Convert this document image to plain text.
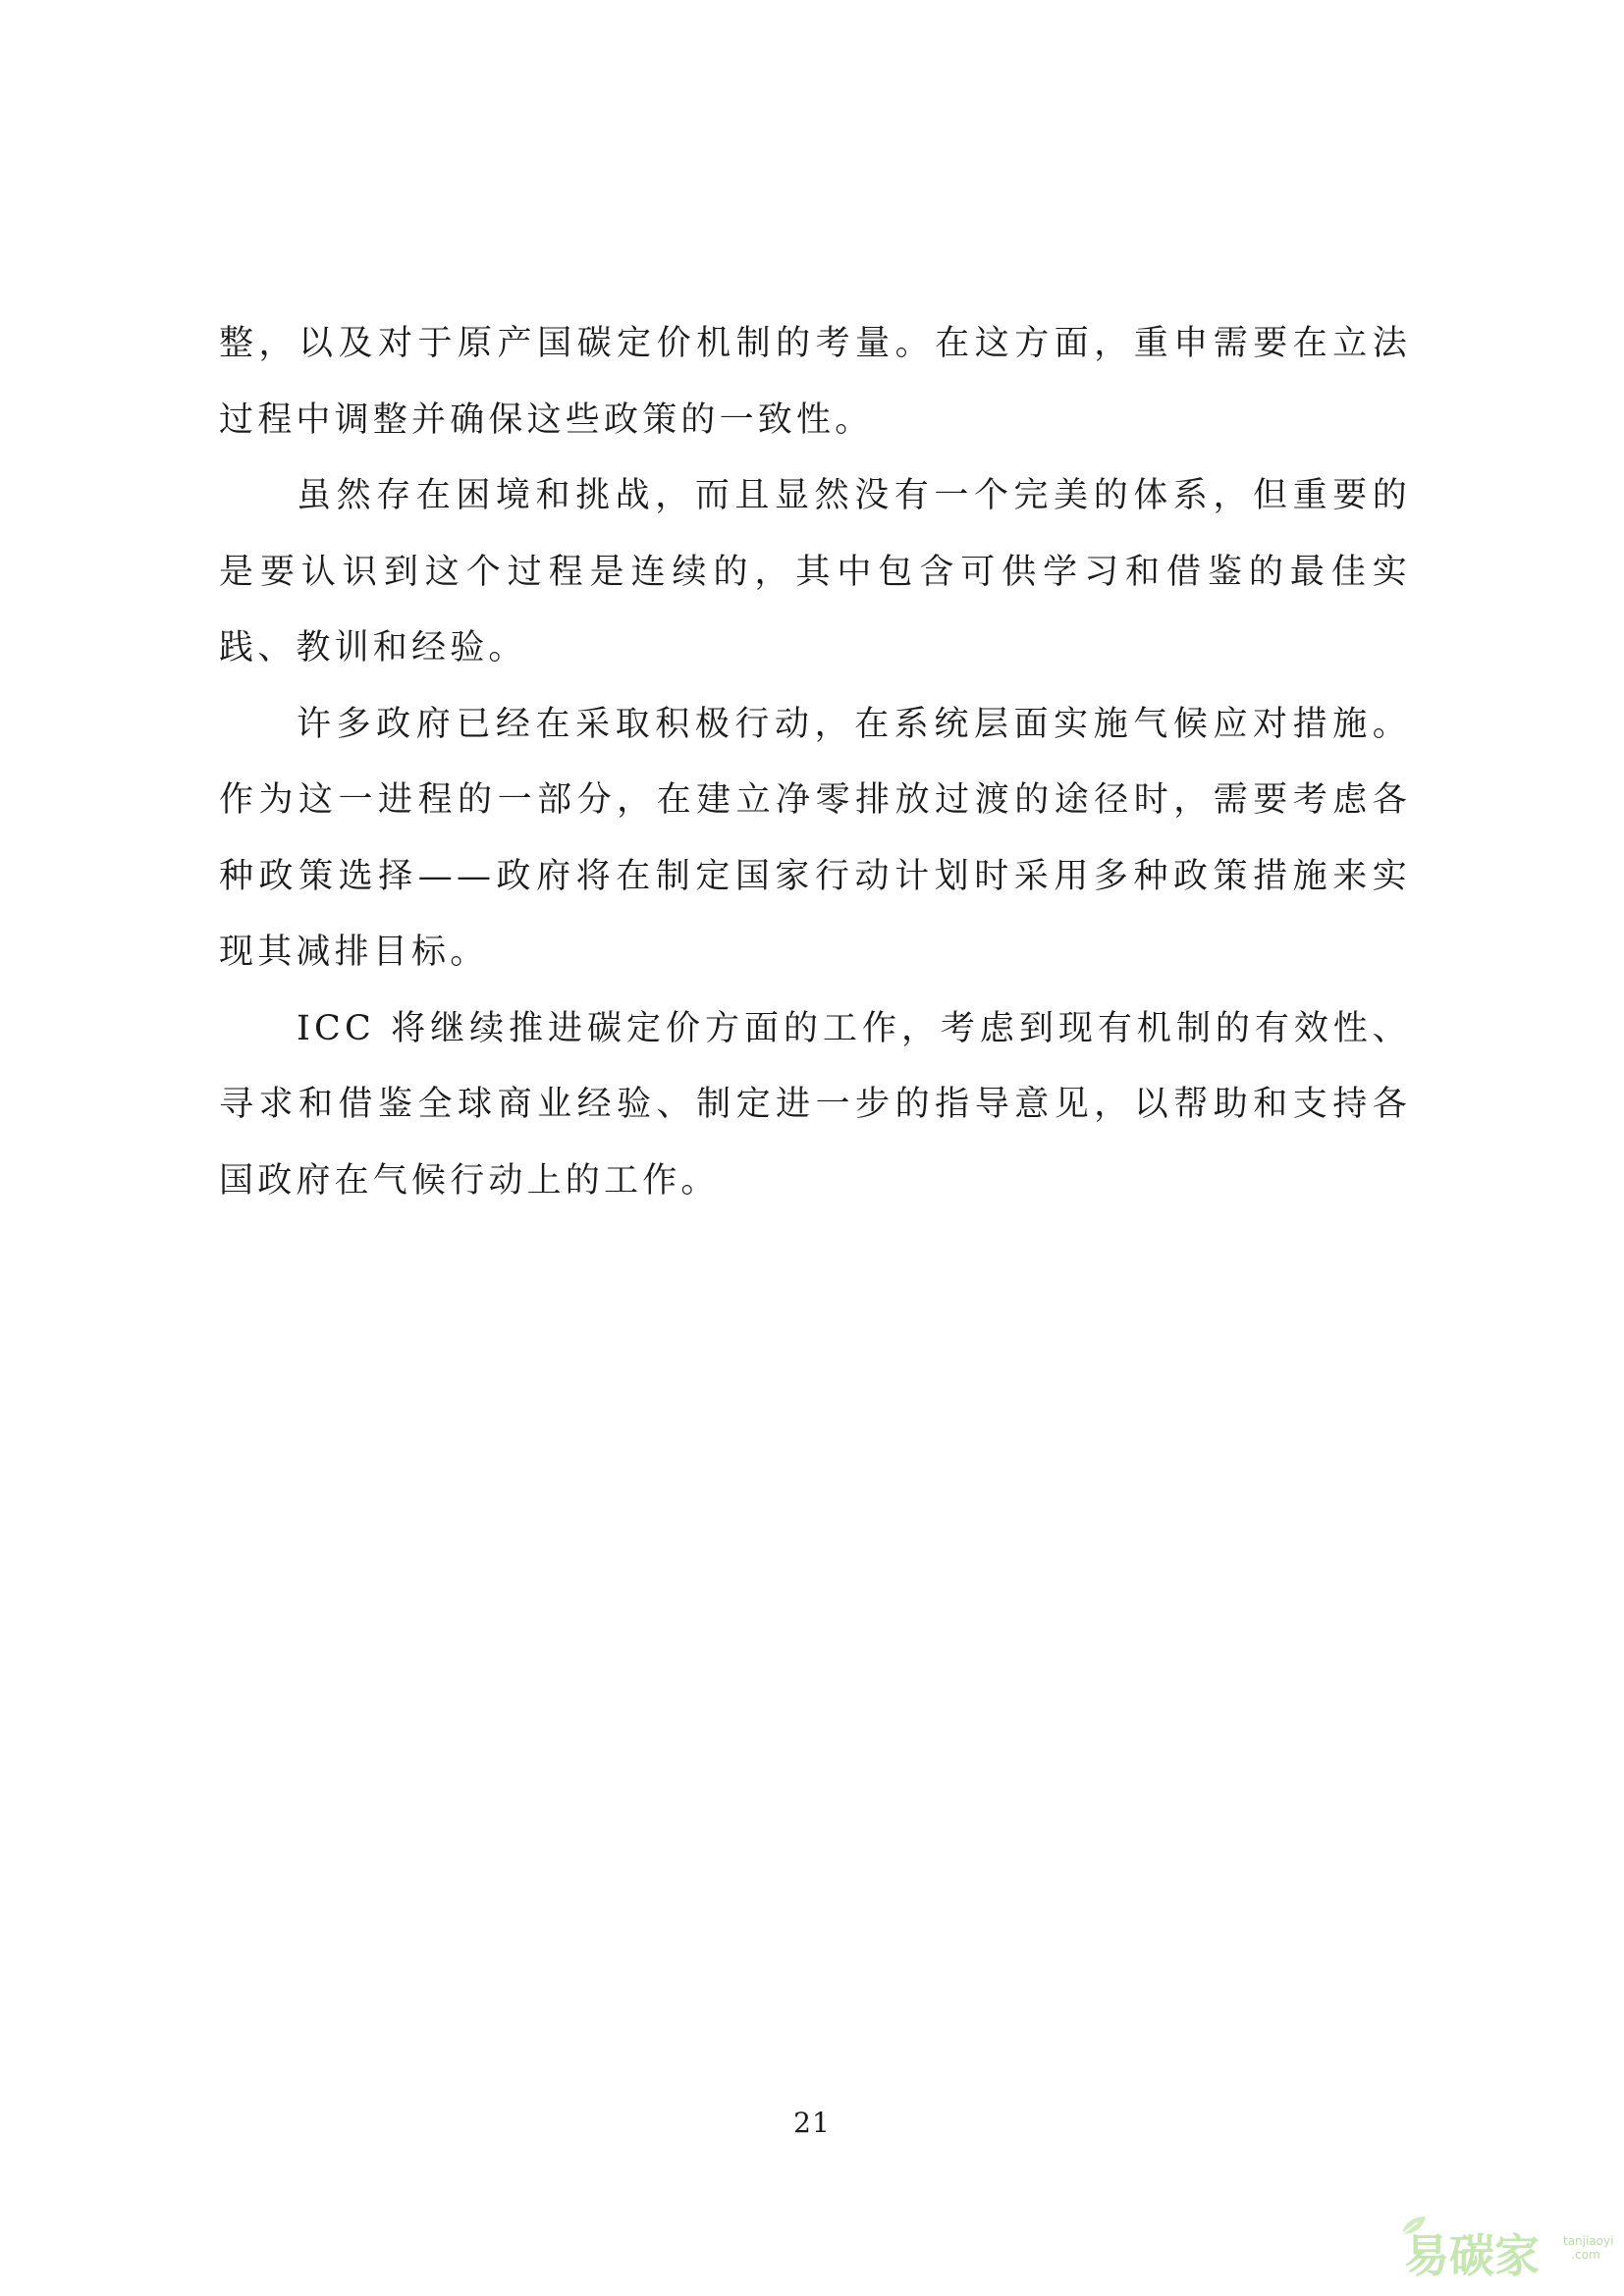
整，以及对于原产国碳定价机制的考量。在这方面，重申需要在立法过程中调整并确保这些政策的一致性。

虽然存在困境和挑战，而且显然没有一个完美的体系，但重要的是要认识到这个过程是连续的，其中包含可供学习和借鉴的最佳实践、教训和经验。

许多政府已经在采取积极行动，在系统层面实施气候应对措施。作为这一进程的一部分，在建立净零排放过渡的途径时，需要考虑各种政策选择——政府将在制定国家行动计划时采用多种政策措施来实现其减排目标。

ICC 将继续推进碳定价方面的工作，考虑到现有机制的有效性、寻求和借鉴全球商业经验、制定进一步的指导意见，以帮助和支持各国政府在气候行动上的工作。

21
易碳家 tanjiaoyi
.com
